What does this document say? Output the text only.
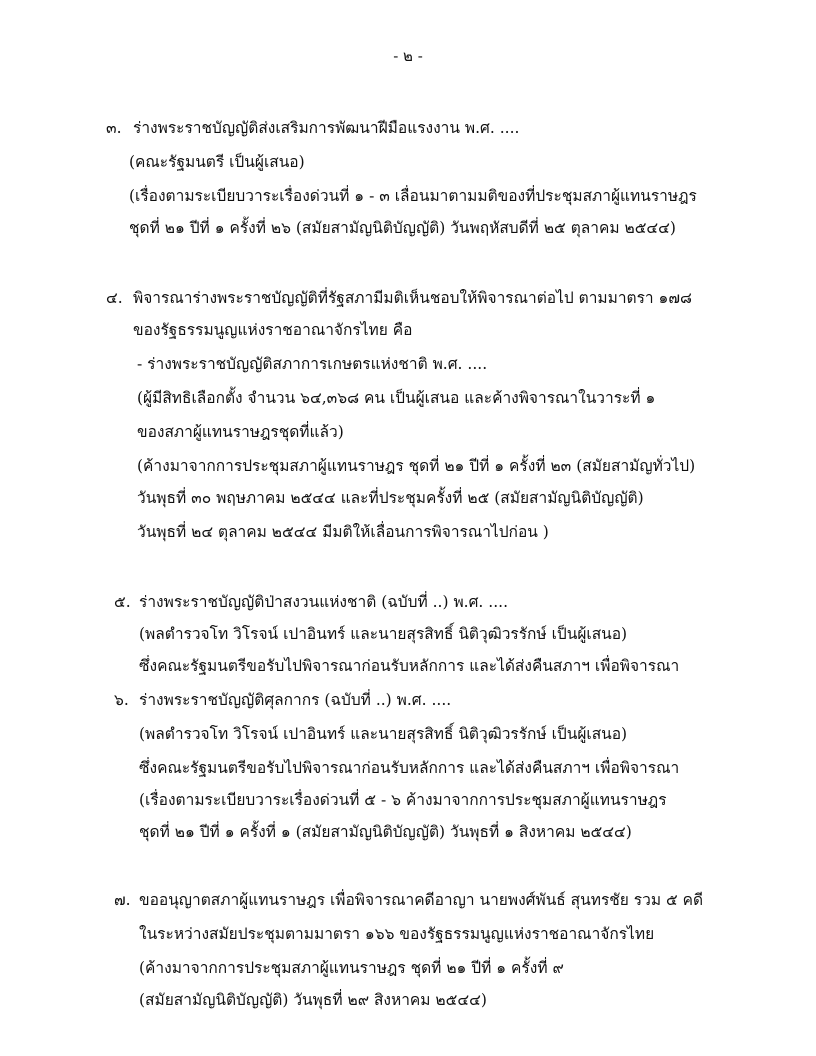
- ๒ -
๓. ร่างพระราชบัญญัติส่งเสริมการพัฒนาฝีมือแรงงาน พ.ศ. ....
(คณะรัฐมนตรี เป็นผู้เสนอ)
(เรื่องตามระเบียบวาระเรื่องด่วนที่ ๑ - ๓ เลื่อนมาตามมติของที่ประชุมสภาผู้แทนราษฎร
ชุดที่ ๒๑ ปีที่ ๑ ครั้งที่ ๒๖ (สมัยสามัญนิติบัญญัติ) วันพฤหัสบดีที่ ๒๕ ตุลาคม ๒๕๔๔)
๔. พิจารณาร่างพระราชบัญญัติที่รัฐสภามีมติเห็นชอบให้พิจารณาต่อไป ตามมาตรา ๑๗๘
ของรัฐธรรมนูญแห่งราชอาณาจักรไทย คือ
- ร่างพระราชบัญญัติสภาการเกษตรแห่งชาติ พ.ศ. ....
(ผู้มีสิทธิเลือกตั้ง จำนวน ๖๔,๓๖๘ คน เป็นผู้เสนอ และค้างพิจารณาในวาระที่ ๑
ของสภาผู้แทนราษฎรชุดที่แล้ว)
(ค้างมาจากการประชุมสภาผู้แทนราษฎร ชุดที่ ๒๑ ปีที่ ๑ ครั้งที่ ๒๓ (สมัยสามัญทั่วไป)
วันพุธที่ ๓๐ พฤษภาคม ๒๕๔๔ และที่ประชุมครั้งที่ ๒๕ (สมัยสามัญนิติบัญญัติ)
วันพุธที่ ๒๔ ตุลาคม ๒๕๔๔ มีมติให้เลื่อนการพิจารณาไปก่อน )
๕. ร่างพระราชบัญญัติป่าสงวนแห่งชาติ (ฉบับที่ ..) พ.ศ. ....
(พลตำรวจโท วิโรจน์ เปาอินทร์ และนายสุรสิทธิ์ นิติวุฒิวรรักษ์ เป็นผู้เสนอ)
ซึ่งคณะรัฐมนตรีขอรับไปพิจารณาก่อนรับหลักการ และได้ส่งคืนสภาฯ เพื่อพิจารณา
๖. ร่างพระราชบัญญัติศุลกากร (ฉบับที่ ..) พ.ศ. ....
(พลตำรวจโท วิโรจน์ เปาอินทร์ และนายสุรสิทธิ์ นิติวุฒิวรรักษ์ เป็นผู้เสนอ)
ซึ่งคณะรัฐมนตรีขอรับไปพิจารณาก่อนรับหลักการ และได้ส่งคืนสภาฯ เพื่อพิจารณา
(เรื่องตามระเบียบวาระเรื่องด่วนที่ ๕ - ๖ ค้างมาจากการประชุมสภาผู้แทนราษฎร
ชุดที่ ๒๑ ปีที่ ๑ ครั้งที่ ๑ (สมัยสามัญนิติบัญญัติ) วันพุธที่ ๑ สิงหาคม ๒๕๔๔)
๗. ขออนุญาตสภาผู้แทนราษฎร เพื่อพิจารณาคดีอาญา นายพงศ์พันธ์ สุนทรชัย รวม ๕ คดี
ในระหว่างสมัยประชุมตามมาตรา ๑๖๖ ของรัฐธรรมนูญแห่งราชอาณาจักรไทย
(ค้างมาจากการประชุมสภาผู้แทนราษฎร ชุดที่ ๒๑ ปีที่ ๑ ครั้งที่ ๙
(สมัยสามัญนิติบัญญัติ) วันพุธที่ ๒๙ สิงหาคม ๒๕๔๔)
